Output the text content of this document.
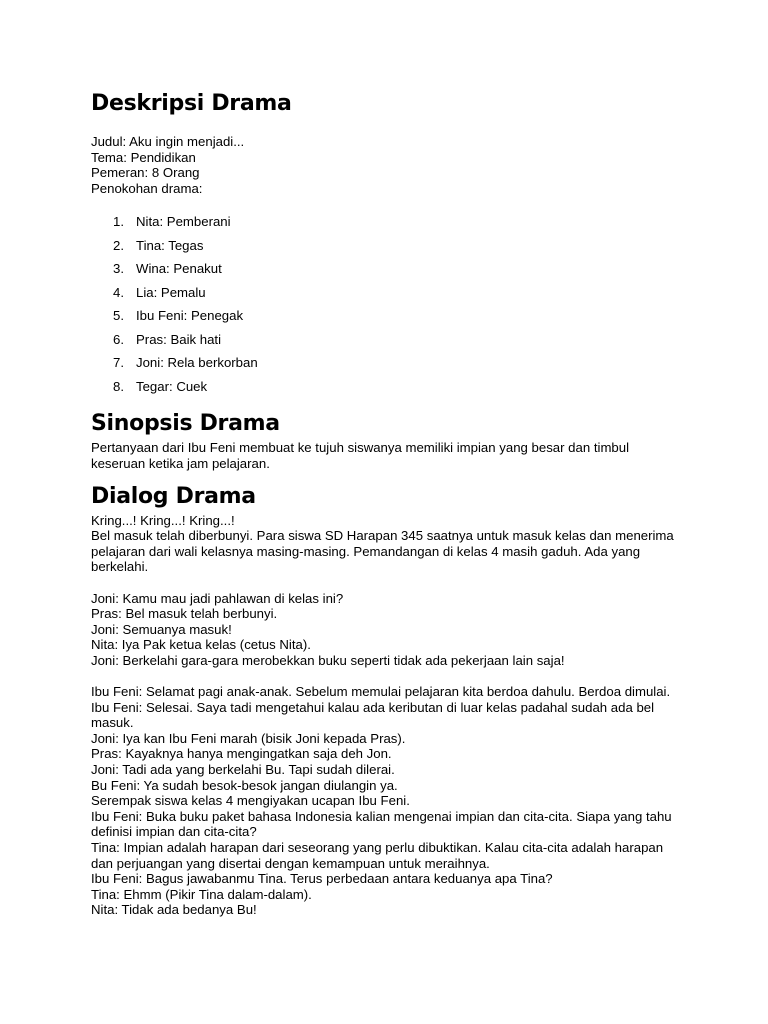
Deskripsi Drama

Judul: Aku ingin menjadi...

Tema: Pendidikan

Pemeran: 8 Orang

Penokohan drama:

1. Nita: Pemberani
2. Tina: Tegas
3. Wina: Penakut
4. Lia: Pemalu
5. Ibu Feni: Penegak
6. Pras: Baik hati
7. Joni: Rela berkorban
8. Tegar: Cuek
Sinopsis Drama

Pertanyaan dari Ibu Feni membuat ke tujuh siswanya memiliki impian yang besar dan timbul

keseruan ketika jam pelajaran.

Dialog Drama

Kring...! Kring...! Kring...!

Bel masuk telah diberbunyi. Para siswa SD Harapan 345 saatnya untuk masuk kelas dan menerima

pelajaran dari wali kelasnya masing-masing. Pemandangan di kelas 4 masih gaduh. Ada yang

berkelahi.

Joni: Kamu mau jadi pahlawan di kelas ini?

Pras: Bel masuk telah berbunyi.

Joni: Semuanya masuk!

Nita: Iya Pak ketua kelas (cetus Nita).

Joni: Berkelahi gara-gara merobekkan buku seperti tidak ada pekerjaan lain saja!

Ibu Feni: Selamat pagi anak-anak. Sebelum memulai pelajaran kita berdoa dahulu. Berdoa dimulai.

Ibu Feni: Selesai. Saya tadi mengetahui kalau ada keributan di luar kelas padahal sudah ada bel

masuk.

Joni: Iya kan Ibu Feni marah (bisik Joni kepada Pras).

Pras: Kayaknya hanya mengingatkan saja deh Jon.

Joni: Tadi ada yang berkelahi Bu. Tapi sudah dilerai.

Bu Feni: Ya sudah besok-besok jangan diulangin ya.

Serempak siswa kelas 4 mengiyakan ucapan Ibu Feni.

Ibu Feni: Buka buku paket bahasa Indonesia kalian mengenai impian dan cita-cita. Siapa yang tahu

definisi impian dan cita-cita?

Tina: Impian adalah harapan dari seseorang yang perlu dibuktikan. Kalau cita-cita adalah harapan

dan perjuangan yang disertai dengan kemampuan untuk meraihnya.

Ibu Feni: Bagus jawabanmu Tina. Terus perbedaan antara keduanya apa Tina?

Tina: Ehmm (Pikir Tina dalam-dalam).

Nita: Tidak ada bedanya Bu!
